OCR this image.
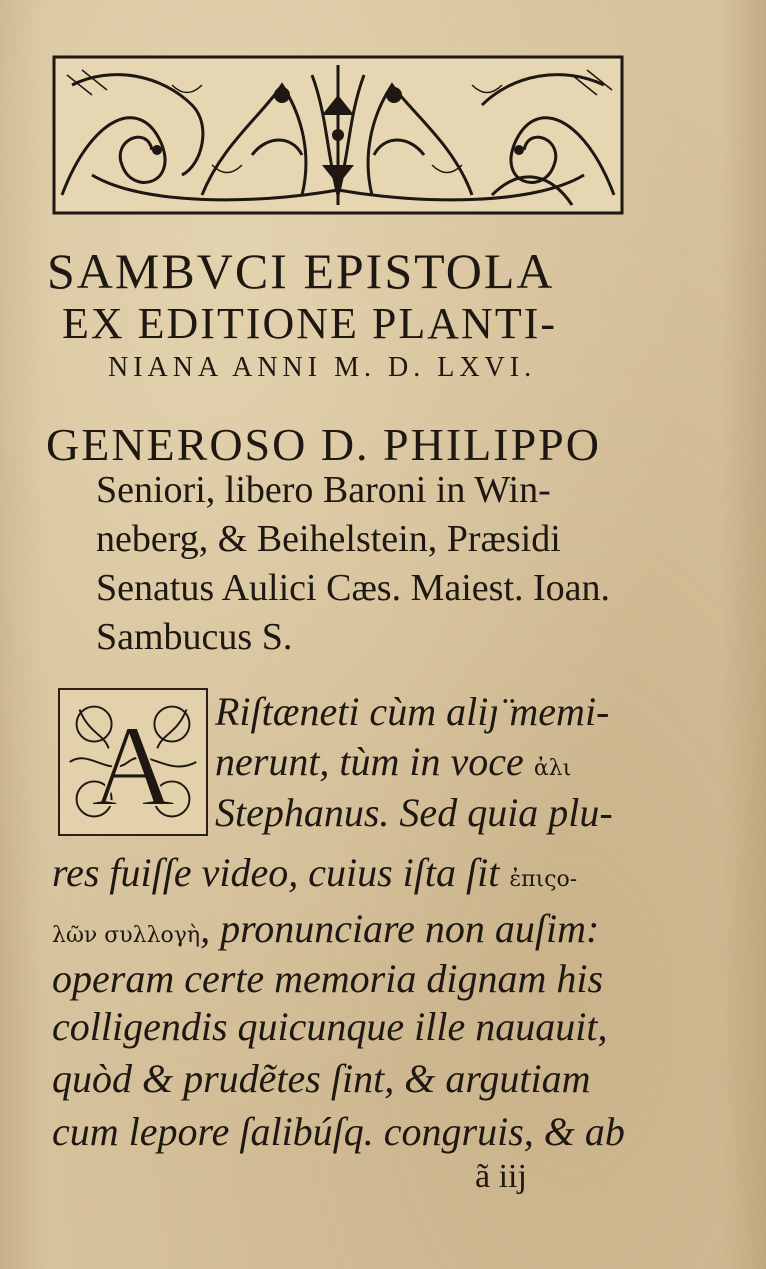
SAMBVCI EPISTOLA
EX EDITIONE PLANTI-
NIANA ANNI M. D. LXVI.
GENEROSO D. PHILIPPO
Seniori, libero Baroni in Win-
neberg, & Beihelstein, Præsidi
Senatus Aulici Cæs. Maiest. Ioan.
Sambucus S.
A Riſtæneti cùm aliȷ̈ memi-
nerunt, tùm in voce ἀλι
Stephanus. Sed quia plu-
res fuiſſe video, cuius iſta ſit ἐπιςο-
λῶν συλλογὴ, pronunciare non auſim:
operam certe memoria dignam his
colligendis quicunque ille nauauit,
quòd & prudẽtes ſint, & argutiam
cum lepore ſalibúſq. congruis, & ab
ã iij
